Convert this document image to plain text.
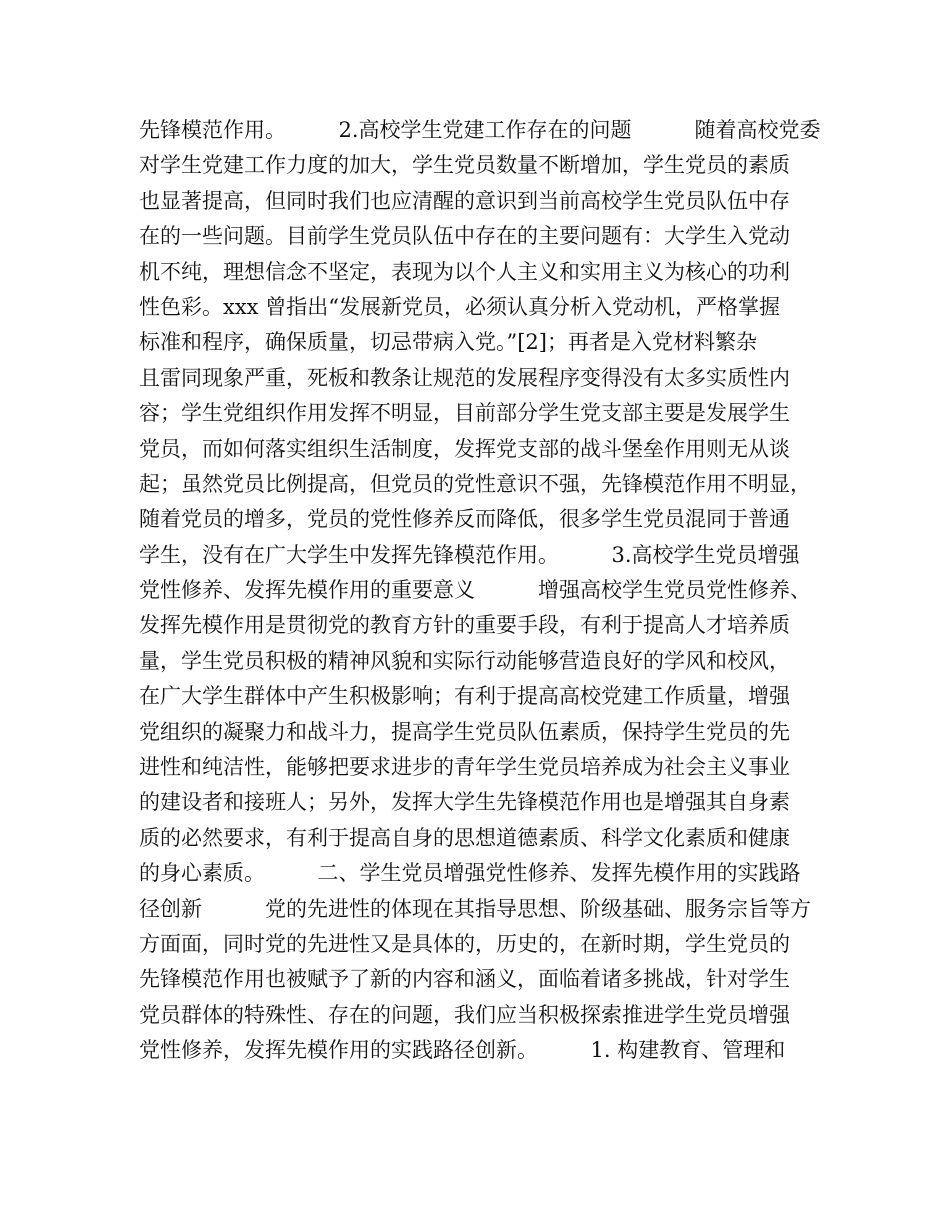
先锋模范作用。　　　2.高校学生党建工作存在的问题　　　随着高校党委
对学生党建工作力度的加大，学生党员数量不断增加，学生党员的素质
也显著提高，但同时我们也应清醒的意识到当前高校学生党员队伍中存
在的一些问题。目前学生党员队伍中存在的主要问题有：大学生入党动
机不纯，理想信念不坚定，表现为以个人主义和实用主义为核心的功利
性色彩。xxx 曾指出“发展新党员，必须认真分析入党动机，严格掌握
标准和程序，确保质量，切忌带病入党。”[2]；再者是入党材料繁杂
且雷同现象严重，死板和教条让规范的发展程序变得没有太多实质性内
容；学生党组织作用发挥不明显，目前部分学生党支部主要是发展学生
党员，而如何落实组织生活制度，发挥党支部的战斗堡垒作用则无从谈
起；虽然党员比例提高，但党员的党性意识不强，先锋模范作用不明显，
随着党员的增多，党员的党性修养反而降低，很多学生党员混同于普通
学生，没有在广大学生中发挥先锋模范作用。　　　3.高校学生党员增强
党性修养、发挥先模作用的重要意义　　　增强高校学生党员党性修养、
发挥先模作用是贯彻党的教育方针的重要手段，有利于提高人才培养质
量，学生党员积极的精神风貌和实际行动能够营造良好的学风和校风，
在广大学生群体中产生积极影响；有利于提高高校党建工作质量，增强
党组织的凝聚力和战斗力，提高学生党员队伍素质，保持学生党员的先
进性和纯洁性，能够把要求进步的青年学生党员培养成为社会主义事业
的建设者和接班人；另外，发挥大学生先锋模范作用也是增强其自身素
质的必然要求，有利于提高自身的思想道德素质、科学文化素质和健康
的身心素质。　　　二、学生党员增强党性修养、发挥先模作用的实践路
径创新　　　党的先进性的体现在其指导思想、阶级基础、服务宗旨等方
方面面，同时党的先进性又是具体的，历史的，在新时期，学生党员的
先锋模范作用也被赋予了新的内容和涵义，面临着诸多挑战，针对学生
党员群体的特殊性、存在的问题，我们应当积极探索推进学生党员增强
党性修养，发挥先模作用的实践路径创新。　　　1. 构建教育、管理和
